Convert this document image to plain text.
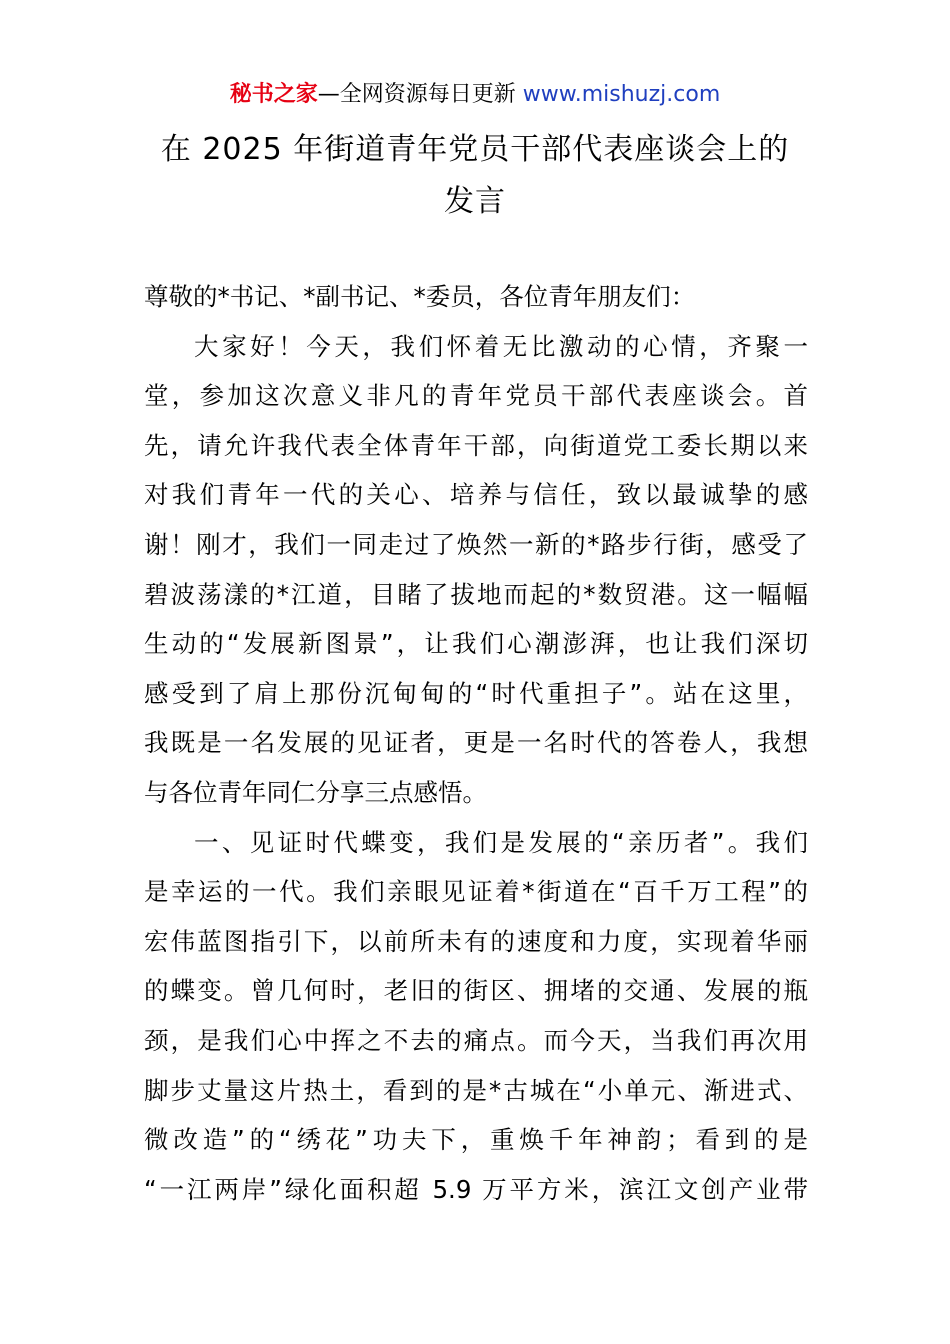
秘书之家—全网资源每日更新 www.mishuzj.com
在 2025 年街道青年党员干部代表座谈会上的
发言

尊敬的*书记、*副书记、*委员，各位青年朋友们：

大家好！今天，我们怀着无比激动的心情，齐聚一
堂，参加这次意义非凡的青年党员干部代表座谈会。首
先，请允许我代表全体青年干部，向街道党工委长期以来
对我们青年一代的关心、培养与信任，致以最诚挚的感
谢！刚才，我们一同走过了焕然一新的*路步行街，感受了
碧波荡漾的*江道，目睹了拔地而起的*数贸港。这一幅幅
生动的“发展新图景”，让我们心潮澎湃，也让我们深切
感受到了肩上那份沉甸甸的“时代重担子”。站在这里，
我既是一名发展的见证者，更是一名时代的答卷人，我想
与各位青年同仁分享三点感悟。

一、见证时代蝶变，我们是发展的“亲历者”。我们
是幸运的一代。我们亲眼见证着*街道在“百千万工程”的
宏伟蓝图指引下，以前所未有的速度和力度，实现着华丽
的蝶变。曾几何时，老旧的街区、拥堵的交通、发展的瓶
颈，是我们心中挥之不去的痛点。而今天，当我们再次用
脚步丈量这片热土，看到的是*古城在“小单元、渐进式、
微改造”的“绣花”功夫下，重焕千年神韵；看到的是
“一江两岸”绿化面积超 5.9 万平方米，滨江文创产业带
